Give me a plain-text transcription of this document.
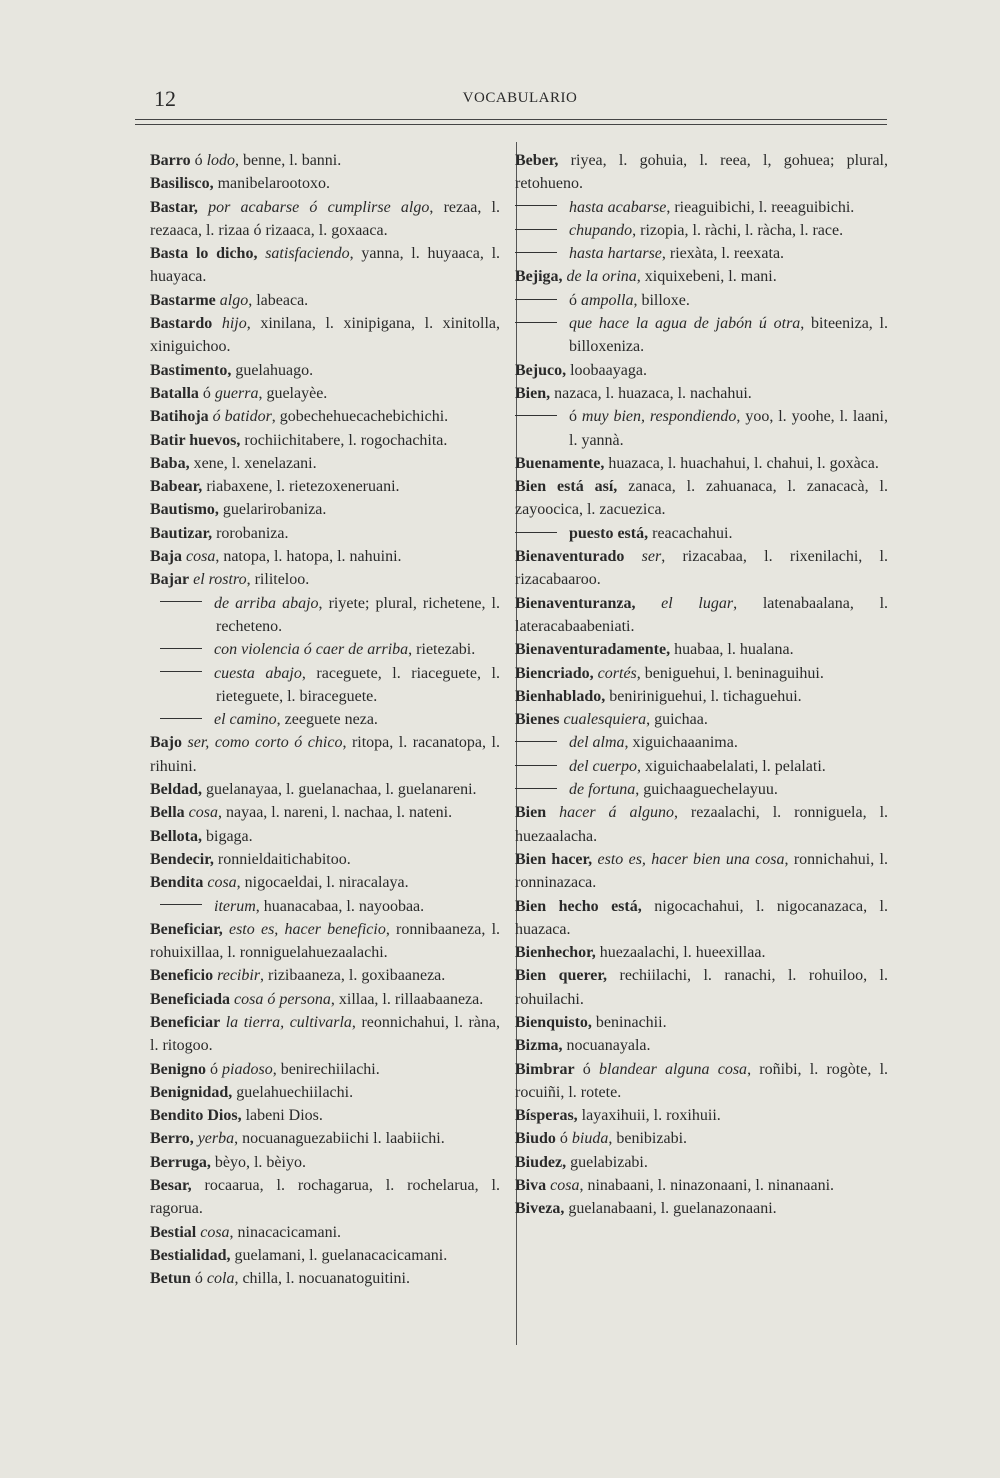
12	VOCABULARIO

Barro ó lodo, benne, l. banni.

Basilisco, manibelarootoxo.

Bastar, por acabarse ó cumplirse algo, rezaa, l. rezaaca, l. rizaa ó rizaaca, l. goxaaca.

Basta lo dicho, satisfaciendo, yanna, l. huyaaca, l. huayaca.

Bastarme algo, labeaca.

Bastardo hijo, xinilana, l. xinipigana, l. xinitolla, xiniguichoo.

Bastimento, guelahuago.

Batalla ó guerra, guelayèe.

Batihoja ó batidor, gobechehuecachebichichi.

Batir huevos, rochiichitabere, l. rogochachita.

Baba, xene, l. xenelazani.

Babear, riabaxene, l. rietezoxeneruani.

Bautismo, guelarirobaniza.

Bautizar, rorobaniza.

Baja cosa, natopa, l. hatopa, l. nahuini.

Bajar el rostro, riliteloo.

de arriba abajo, riyete; plural, richetene, l. recheteno.

con violencia ó caer de arriba, rietezabi.

cuesta abajo, raceguete, l. riaceguete, l. rieteguete, l. biraceguete.

el camino, zeeguete neza.

Bajo ser, como corto ó chico, ritopa, l. racanatopa, l. rihuini.

Beldad, guelanayaa, l. guelanachaa, l. guelanareni.

Bella cosa, nayaa, l. nareni, l. nachaa, l. nateni.

Bellota, bigaga.

Bendecir, ronnieldaitichabitoo.

Bendita cosa, nigocaeldai, l. niracalaya.

iterum, huanacabaa, l. nayoobaa.

Beneficiar, esto es, hacer beneficio, ronnibaaneza, l. rohuixillaa, l. ronniguelahuezaalachi.

Beneficio recibir, rizibaaneza, l. goxibaaneza.

Beneficiada cosa ó persona, xillaa, l. rillaabaaneza.

Beneficiar la tierra, cultivarla, reonnichahui, l. ràna, l. ritogoo.

Benigno ó piadoso, benirechiilachi.

Benignidad, guelahuechiilachi.

Bendito Dios, labeni Dios.

Berro, yerba, nocuanaguezabiichi l. laabiichi.

Berruga, bèyo, l. bèiyo.

Besar, rocaarua, l. rochagarua, l. rochelarua, l. ragorua.

Bestial cosa, ninacacicamani.

Bestialidad, guelamani, l. guelanacacicamani.

Betun ó cola, chilla, l. nocuanatoguitini.

Beber, riyea, l. gohuia, l. reea, l, gohuea; plural, retohueno.

hasta acabarse, rieaguibichi, l. reeaguibichi.

chupando, rizopia, l. ràchi, l. ràcha, l. race.

hasta hartarse, riexàta, l. reexata.

Bejiga, de la orina, xiquixebeni, l. mani.

ó ampolla, billoxe.

que hace la agua de jabón ú otra, biteeniza, l. billoxeniza.

Bejuco, loobaayaga.

Bien, nazaca, l. huazaca, l. nachahui.

ó muy bien, respondiendo, yoo, l. yoohe, l. laani, l. yannà.

Buenamente, huazaca, l. huachahui, l. chahui, l. goxàca.

Bien está así, zanaca, l. zahuanaca, l. zanacacà, l. zayoocica, l. zacuezica.

puesto está, reacachahui.

Bienaventurado ser, rizacabaa, l. rixenilachi, l. rizacabaaroo.

Bienaventuranza, el lugar, latenabaalana, l. lateracabaabeniati.

Bienaventuradamente, huabaa, l. hualana.

Biencriado, cortés, beniguehui, l. beninaguihui.

Bienhablado, beniriniguehui, l. tichaguehui.

Bienes cualesquiera, guichaa.

del alma, xiguichaaanima.

del cuerpo, xiguichaabelalati, l. pelalati.

de fortuna, guichaaguechelayuu.

Bien hacer á alguno, rezaalachi, l. ronniguela, l. huezaalacha.

Bien hacer, esto es, hacer bien una cosa, ronnichahui, l. ronninazaca.

Bien hecho está, nigocachahui, l. nigocanazaca, l. huazaca.

Bienhechor, huezaalachi, l. hueexillaa.

Bien querer, rechiilachi, l. ranachi, l. rohuiloo, l. rohuilachi.

Bienquisto, beninachii.

Bizma, nocuanayala.

Bimbrar ó blandear alguna cosa, roñibi, l. rogòte, l. rocuiñi, l. rotete.

Bísperas, layaxihuii, l. roxihuii.

Biudo ó biuda, benibizabi.

Biudez, guelabizabi.

Biva cosa, ninabaani, l. ninazonaani, l. ninanaani.

Biveza, guelanabaani, l. guelanazonaani.
